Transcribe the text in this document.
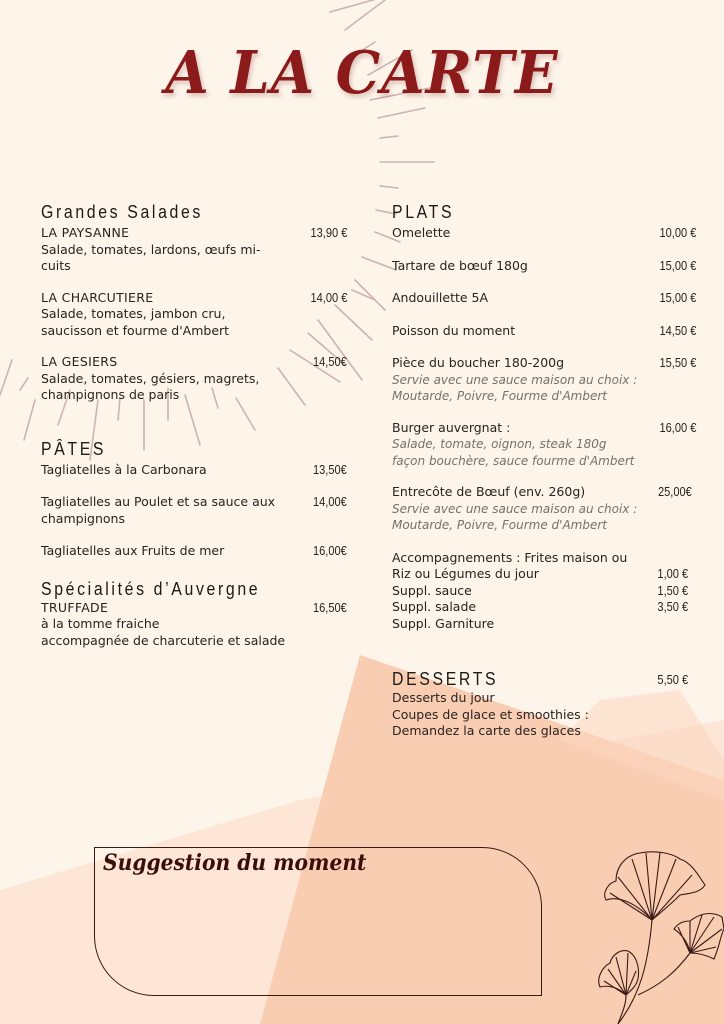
A LA CARTE
Grandes Salades
LA PAYSANNE
Salade, tomates, lardons, œufs mi-cuits
13,90 €
LA CHARCUTIERE
Salade, tomates, jambon cru, saucisson et fourme d'Ambert
14,00 €
LA GESIERS
Salade, tomates, gésiers, magrets, champignons de paris
14,50€
PÂTES
Tagliatelles à la Carbonara	13,50€
Tagliatelles au Poulet et sa sauce aux champignons
14,00€
Tagliatelles aux Fruits de mer	16,00€
Spécialités d’Auvergne
TRUFFADE
à la tomme fraiche
accompagnée de charcuterie et salade
16,50€
PLATS
Omelette	10,00 €
Tartare de bœuf 180g	15,00 €
Andouillette 5A	15,00 €
Poisson du moment	14,50 €
Pièce du boucher 180-200g
Servie avec une sauce maison au choix :
Moutarde, Poivre, Fourme d'Ambert
15,50 €
Burger auvergnat :
Salade, tomate, oignon, steak 180g
façon bouchère, sauce fourme d'Ambert
16,00 €
Entrecôte de Bœuf (env. 260g)
Servie avec une sauce maison au choix :
Moutarde, Poivre, Fourme d'Ambert
25,00€
Accompagnements : Frites maison ou
Riz ou Légumes du jour	1,00 €
Suppl. sauce	1,50 €
Suppl. salade	3,50 €
Suppl. Garniture
DESSERTS	5,50 €
Desserts du jour
Coupes de glace et smoothies :
Demandez la carte des glaces
Suggestion du moment
